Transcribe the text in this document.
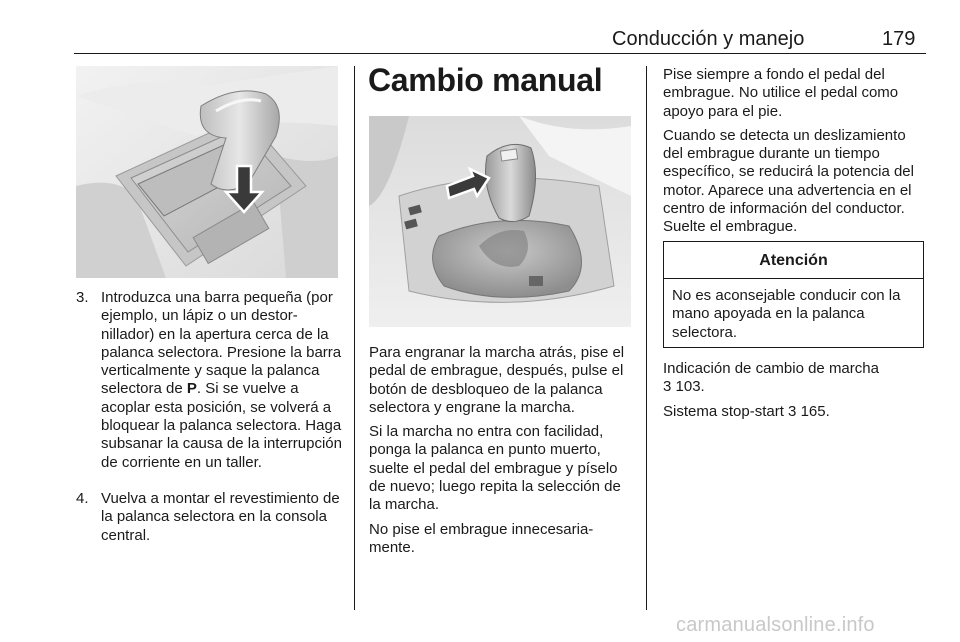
Conducción y manejo	179
3. Introduzca una barra pequeña (por ejemplo, un lápiz o un destor-nillador) en la apertura cerca de la palanca selectora. Presione la barra verticalmente y saque la palanca selectora de P. Si se vuelve a acoplar esta posición, se volverá a bloquear la palanca selectora. Haga subsanar la causa de la interrupción de corriente en un taller.
4. Vuelva a montar el revestimiento de la palanca selectora en la consola central.
Cambio manual

Para engranar la marcha atrás, pise el pedal de embrague, después, pulse el botón de desbloqueo de la palanca selectora y engrane la marcha.

Si la marcha no entra con facilidad, ponga la palanca en punto muerto, suelte el pedal del embrague y píselo de nuevo; luego repita la selección de la marcha.

No pise el embrague innecesaria-mente.

Pise siempre a fondo el pedal del embrague. No utilice el pedal como apoyo para el pie.

Cuando se detecta un deslizamiento del embrague durante un tiempo específico, se reducirá la potencia del motor. Aparece una advertencia en el centro de información del conductor. Suelte el embrague.

Atención
No es aconsejable conducir con la mano apoyada en la palanca selectora.

Indicación de cambio de marcha
3 103.

Sistema stop-start 3 165.

carmanualsonline.info
